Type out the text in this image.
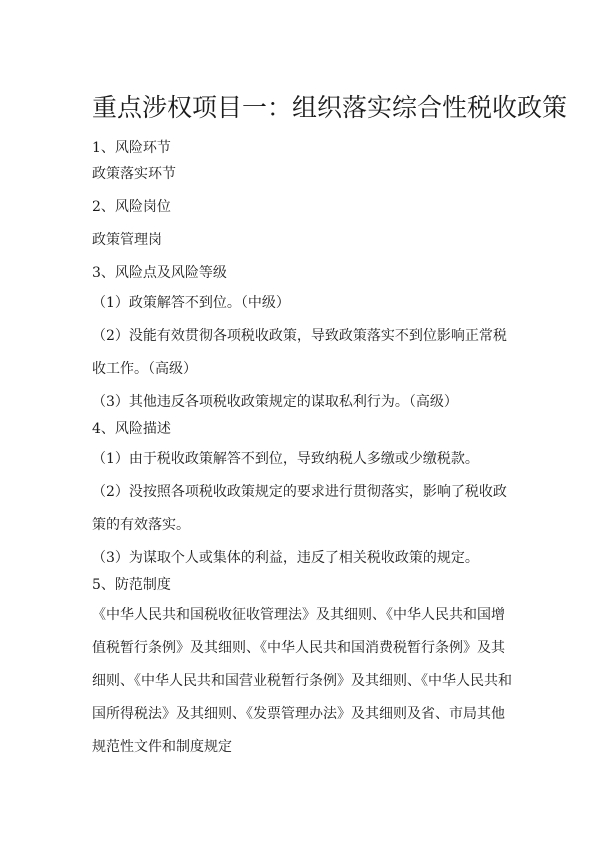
重点涉权项目一：组织落实综合性税收政策
1、风险环节
政策落实环节
2、风险岗位
政策管理岗
3、风险点及风险等级
（1）政策解答不到位。（中级）
（2）没能有效贯彻各项税收政策，导致政策落实不到位影响正常税收工作。（高级）
（3）其他违反各项税收政策规定的谋取私利行为。（高级）
4、风险描述
（1）由于税收政策解答不到位，导致纳税人多缴或少缴税款。
（2）没按照各项税收政策规定的要求进行贯彻落实，影响了税收政策的有效落实。
（3）为谋取个人或集体的利益，违反了相关税收政策的规定。
5、防范制度
《中华人民共和国税收征收管理法》及其细则、《中华人民共和国增值税暂行条例》及其细则、《中华人民共和国消费税暂行条例》及其细则、《中华人民共和国营业税暂行条例》及其细则、《中华人民共和国所得税法》及其细则、《发票管理办法》及其细则及省、市局其他规范性文件和制度规定
